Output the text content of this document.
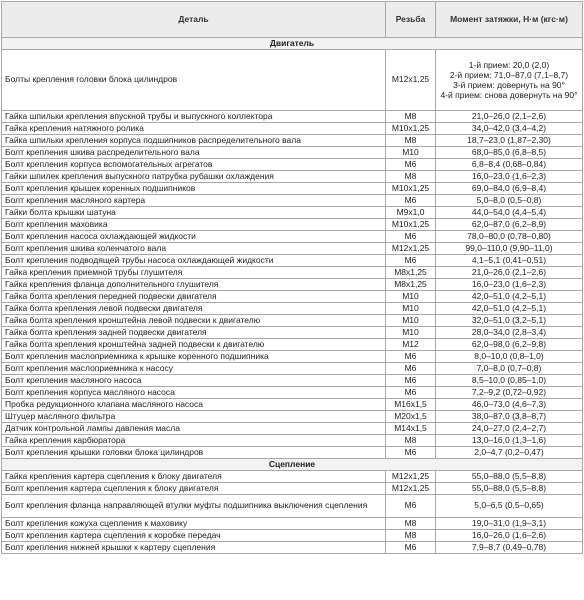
Деталь	Резьба	Момент затяжки, Н·м (кгс·м)
Двигатель		
Болты крепления головки блока цилиндров	М12x1,25	1-й прием: 20,0 (2,0)
2-й прием: 71,0–87,0 (7,1–8,7)
3-й прием: довернуть на 90°
4-й прием: снова довернуть на 90°

Гайка шпильки крепления впускной трубы и выпускного коллектора	М8	21,0–26,0 (2,1–2,6)
Гайка крепления натяжного ролика	М10x1,25	34,0–42,0 (3,4–4,2)
Гайка шпильки крепления корпуса подшипников распределительного вала	М8	18,7–23,0 (1,87–2,30)
Болт крепления шкива распределительного вала	М10	68,0–85,0 (6,8–8,5)
Болт крепления корпуса вспомогательных агрегатов	М6	6,8–8,4 (0,68–0,84)
Гайки шпилек крепления выпускного патрубка рубашки охлаждения	М8	16,0–23,0 (1,6–2,3)
Болт крепления крышек коренных подшипников	М10x1,25	69,0–84,0 (6,9–8,4)
Болт крепления масляного картера	М6	5,0–8,0 (0,5–0,8)
Гайки болта крышки шатуна	М9x1,0	44,0–54,0 (4,4–5,4)
Болт крепления маховика	М10x1,25	62,0–87,0 (6,2–8,9)
Болт крепления насоса охлаждающей жидкости	М6	78,0–80,0 (0,78–0,80)
Болт крепления шкива коленчатого вала	М12x1,25	99,0–110,0 (9,90–11,0)
Болт крепления подводящей трубы насоса охлаждающей жидкости	М6	4,1–5,1 (0,41–0,51)
Гайка крепления приемной трубы глушителя	М8x1,25	21,0–26,0 (2,1–2,6)
Гайка крепления фланца дополнительного глушителя	М8x1,25	16,0–23,0 (1,6–2,3)
Гайка болта крепления передней подвески двигателя	М10	42,0–51,0 (4,2–5,1)
Гайка болта крепления левой подвески двигателя	М10	42,0–51,0 (4,2–5,1)
Гайка болта крепления кронштейна левой подвески к двигателю	М10	32,0–51,0 (3,2–5,1)
Гайка болта крепления задней подвески двигателя	М10	28,0–34,0 (2,8–3,4)
Гайка болта крепления кронштейна задней подвески к двигателю	М12	62,0–98,0 (6,2–9,8)
Болт крепления маслоприемника к крышке коренного подшипника	М6	8,0–10,0 (0,8–1,0)
Болт крепления маслоприемника к насосу	М6	7,0–8,0 (0,7–0,8)
Болт крепления масляного насоса	М6	8,5–10,0 (0,85–1,0)
Болт крепления корпуса масляного насоса	М6	7,2–9,2 (0,72–0,92)
Пробка редукционного клапана масляного насоса	М16x1,5	46,0–73,0 (4,6–7,3)
Штуцер масляного фильтра	М20x1,5	38,0–87,0 (3,8–8,7)
Датчик контрольной лампы давления масла	М14x1,5	24,0–27,0 (2,4–2,7)
Гайка крепления карбюратора	М8	13,0–16,0 (1,3–1,6)
Болт крепления крышки головки блока цилиндров	М6	2,0–4,7 (0,2–0,47)
Сцепление		
Гайка крепления картера сцепления к блоку двигателя	М12x1,25	55,0–88,0 (5,5–8,8)
Болт крепления картера сцепления к блоку двигателя	М12x1,25	55,0–88,0 (5,5–8,8)
Болт крепления фланца направляющей втулки муфты подшипника выключения сцепления	М6	5,0–6,5 (0,5–0,65)
Болт крепления кожуха сцепления к маховику	М8	19,0–31,0 (1,9–3,1)
Болт крепления картера сцепления к коробке передач	М8	16,0–26,0 (1,6–2,6)
Болт крепления нижней крышки к картеру сцепления	М6	7,9–8,7 (0,49–0,78)
